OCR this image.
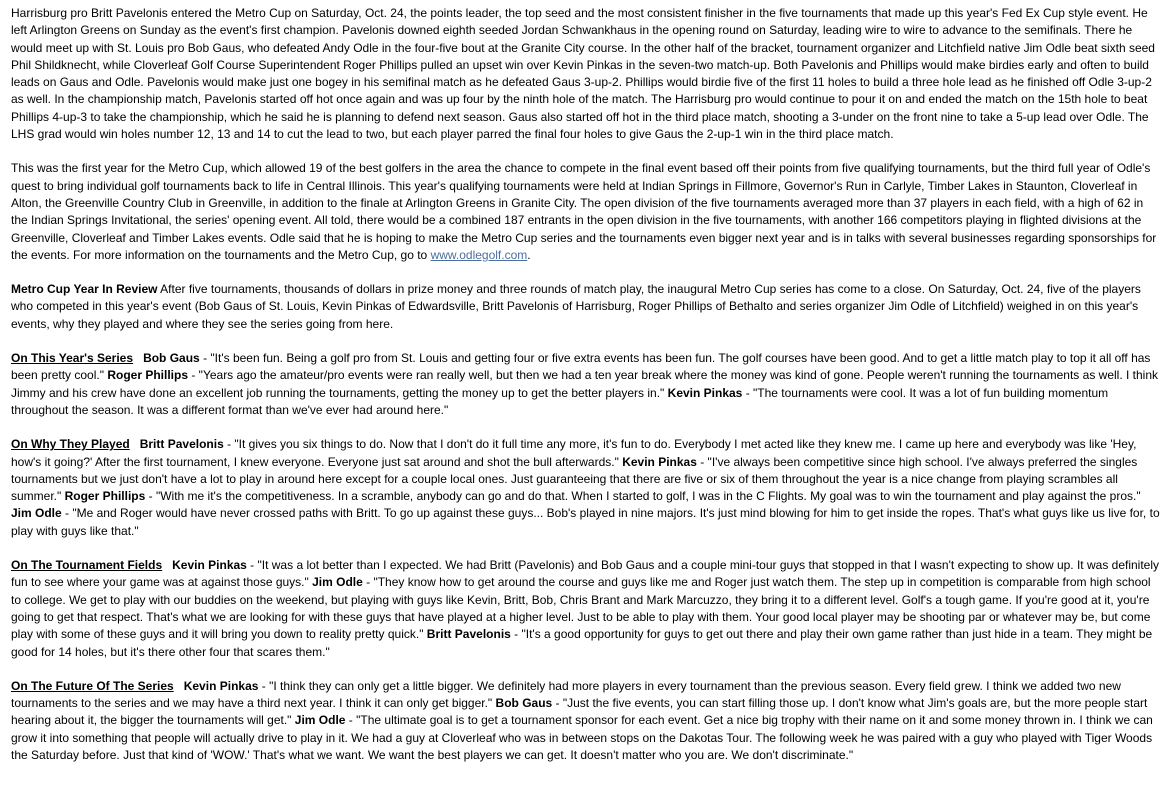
Harrisburg pro Britt Pavelonis entered the Metro Cup on Saturday, Oct. 24, the points leader, the top seed and the most consistent finisher in the five tournaments that made up this year's Fed Ex Cup style event. He left Arlington Greens on Sunday as the event's first champion. Pavelonis downed eighth seeded Jordan Schwankhaus in the opening round on Saturday, leading wire to wire to advance to the semifinals. There he would meet up with St. Louis pro Bob Gaus, who defeated Andy Odle in the four-five bout at the Granite City course. In the other half of the bracket, tournament organizer and Litchfield native Jim Odle beat sixth seed Phil Shildknecht, while Cloverleaf Golf Course Superintendent Roger Phillips pulled an upset win over Kevin Pinkas in the seven-two match-up. Both Pavelonis and Phillips would make birdies early and often to build leads on Gaus and Odle. Pavelonis would make just one bogey in his semifinal match as he defeated Gaus 3-up-2. Phillips would birdie five of the first 11 holes to build a three hole lead as he finished off Odle 3-up-2 as well. In the championship match, Pavelonis started off hot once again and was up four by the ninth hole of the match. The Harrisburg pro would continue to pour it on and ended the match on the 15th hole to beat Phillips 4-up-3 to take the championship, which he said he is planning to defend next season. Gaus also started off hot in the third place match, shooting a 3-under on the front nine to take a 5-up lead over Odle. The LHS grad would win holes number 12, 13 and 14 to cut the lead to two, but each player parred the final four holes to give Gaus the 2-up-1 win in the third place match.

This was the first year for the Metro Cup, which allowed 19 of the best golfers in the area the chance to compete in the final event based off their points from five qualifying tournaments, but the third full year of Odle's quest to bring individual golf tournaments back to life in Central Illinois. This year's qualifying tournaments were held at Indian Springs in Fillmore, Governor's Run in Carlyle, Timber Lakes in Staunton, Cloverleaf in Alton, the Greenville Country Club in Greenville, in addition to the finale at Arlington Greens in Granite City. The open division of the five tournaments averaged more than 37 players in each field, with a high of 62 in the Indian Springs Invitational, the series' opening event. All told, there would be a combined 187 entrants in the open division in the five tournaments, with another 166 competitors playing in flighted divisions at the Greenville, Cloverleaf and Timber Lakes events. Odle said that he is hoping to make the Metro Cup series and the tournaments even bigger next year and is in talks with several businesses regarding sponsorships for the events. For more information on the tournaments and the Metro Cup, go to www.odlegolf.com.

Metro Cup Year In Review After five tournaments, thousands of dollars in prize money and three rounds of match play, the inaugural Metro Cup series has come to a close. On Saturday, Oct. 24, five of the players who competed in this year's event (Bob Gaus of St. Louis, Kevin Pinkas of Edwardsville, Britt Pavelonis of Harrisburg, Roger Phillips of Bethalto and series organizer Jim Odle of Litchfield) weighed in on this year's events, why they played and where they see the series going from here.

On This Year's Series Bob Gaus - "It's been fun. Being a golf pro from St. Louis and getting four or five extra events has been fun. The golf courses have been good. And to get a little match play to top it all off has been pretty cool." Roger Phillips - "Years ago the amateur/pro events were ran really well, but then we had a ten year break where the money was kind of gone. People weren't running the tournaments as well. I think Jimmy and his crew have done an excellent job running the tournaments, getting the money up to get the better players in." Kevin Pinkas - "The tournaments were cool. It was a lot of fun building momentum throughout the season. It was a different format than we've ever had around here."

On Why They Played Britt Pavelonis - "It gives you six things to do. Now that I don't do it full time any more, it's fun to do. Everybody I met acted like they knew me. I came up here and everybody was like 'Hey, how's it going?' After the first tournament, I knew everyone. Everyone just sat around and shot the bull afterwards." Kevin Pinkas - "I've always been competitive since high school. I've always preferred the singles tournaments but we just don't have a lot to play in around here except for a couple local ones. Just guaranteeing that there are five or six of them throughout the year is a nice change from playing scrambles all summer." Roger Phillips - "With me it's the competitiveness. In a scramble, anybody can go and do that. When I started to golf, I was in the C Flights. My goal was to win the tournament and play against the pros." Jim Odle - "Me and Roger would have never crossed paths with Britt. To go up against these guys... Bob's played in nine majors. It's just mind blowing for him to get inside the ropes. That's what guys like us live for, to play with guys like that."

On The Tournament Fields Kevin Pinkas - "It was a lot better than I expected. We had Britt (Pavelonis) and Bob Gaus and a couple mini-tour guys that stopped in that I wasn't expecting to show up. It was definitely fun to see where your game was at against those guys." Jim Odle - "They know how to get around the course and guys like me and Roger just watch them. The step up in competition is comparable from high school to college. We get to play with our buddies on the weekend, but playing with guys like Kevin, Britt, Bob, Chris Brant and Mark Marcuzzo, they bring it to a different level. Golf's a tough game. If you're good at it, you're going to get that respect. That's what we are looking for with these guys that have played at a higher level. Just to be able to play with them. Your good local player may be shooting par or whatever may be, but come play with some of these guys and it will bring you down to reality pretty quick." Britt Pavelonis - "It's a good opportunity for guys to get out there and play their own game rather than just hide in a team. They might be good for 14 holes, but it's there other four that scares them."

On The Future Of The Series Kevin Pinkas - "I think they can only get a little bigger. We definitely had more players in every tournament than the previous season. Every field grew. I think we added two new tournaments to the series and we may have a third next year. I think it can only get bigger." Bob Gaus - "Just the five events, you can start filling those up. I don't know what Jim's goals are, but the more people start hearing about it, the bigger the tournaments will get." Jim Odle - "The ultimate goal is to get a tournament sponsor for each event. Get a nice big trophy with their name on it and some money thrown in. I think we can grow it into something that people will actually drive to play in it. We had a guy at Cloverleaf who was in between stops on the Dakotas Tour. The following week he was paired with a guy who played with Tiger Woods the Saturday before. Just that kind of 'WOW.' That's what we want. We want the best players we can get. It doesn't matter who you are. We don't discriminate."
